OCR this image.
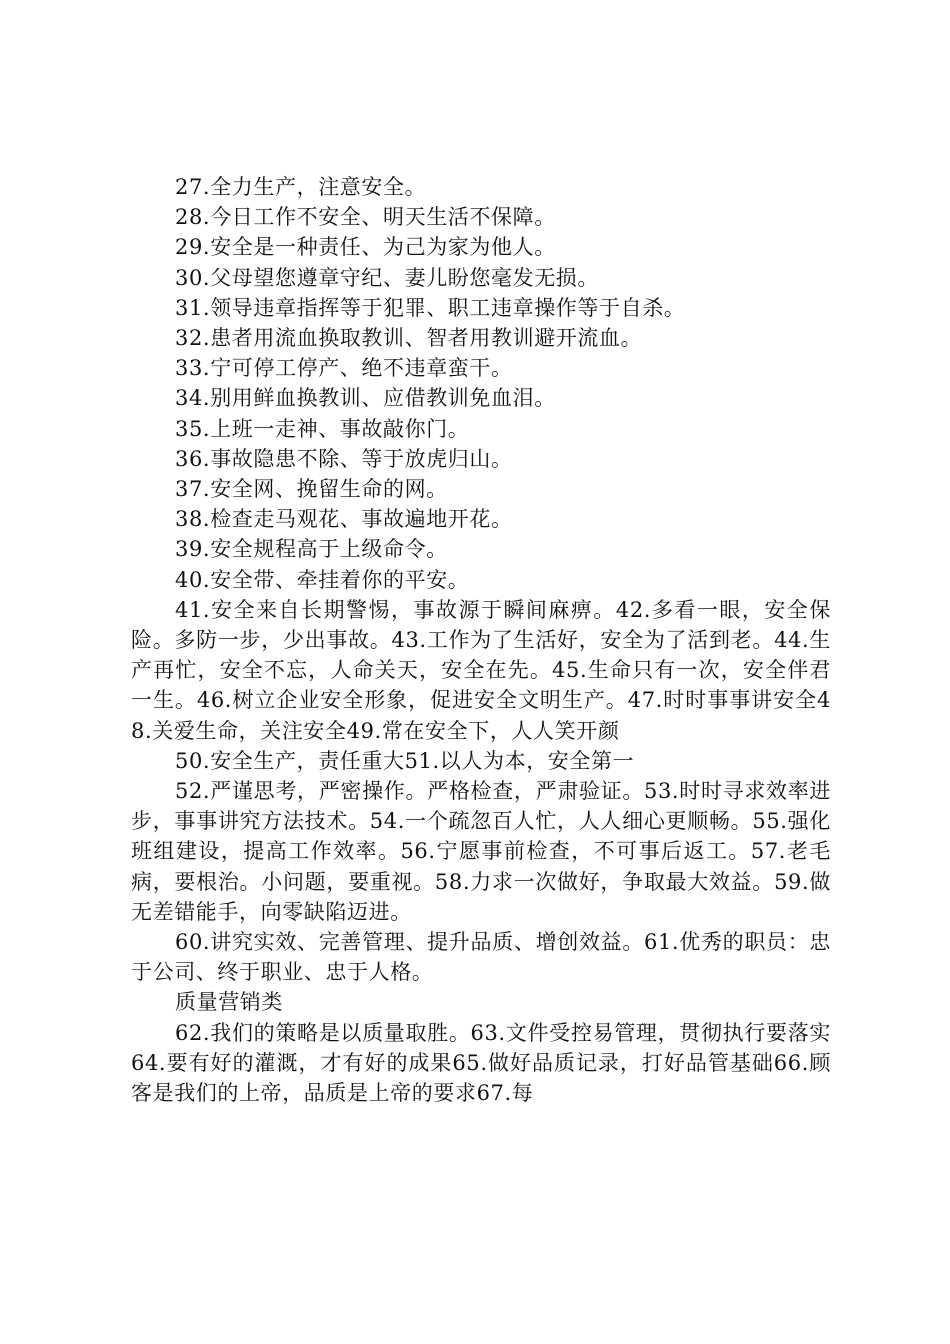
27.全力生产，注意安全。

28.今日工作不安全、明天生活不保障。

29.安全是一种责任、为己为家为他人。

30.父母望您遵章守纪、妻儿盼您毫发无损。

31.领导违章指挥等于犯罪、职工违章操作等于自杀。

32.患者用流血换取教训、智者用教训避开流血。

33.宁可停工停产、绝不违章蛮干。

34.别用鲜血换教训、应借教训免血泪。

35.上班一走神、事故敲你门。

36.事故隐患不除、等于放虎归山。

37.安全网、挽留生命的网。

38.检查走马观花、事故遍地开花。

39.安全规程高于上级命令。

40.安全带、牵挂着你的平安。

41.安全来自长期警惕，事故源于瞬间麻痹。42.多看一眼，安全保险。多防一步，少出事故。43.工作为了生活好，安全为了活到老。44.生产再忙，安全不忘，人命关天，安全在先。45.生命只有一次，安全伴君一生。46.树立企业安全形象，促进安全文明生产。47.时时事事讲安全48.关爱生命，关注安全49.常在安全下，人人笑开颜

50.安全生产，责任重大51.以人为本，安全第一

52.严谨思考，严密操作。严格检查，严肃验证。53.时时寻求效率进步，事事讲究方法技术。54.一个疏忽百人忙，人人细心更顺畅。55.强化班组建设，提高工作效率。56.宁愿事前检查，不可事后返工。57.老毛病，要根治。小问题，要重视。58.力求一次做好，争取最大效益。59.做无差错能手，向零缺陷迈进。

60.讲究实效、完善管理、提升品质、增创效益。61.优秀的职员：忠于公司、终于职业、忠于人格。

质量营销类

62.我们的策略是以质量取胜。63.文件受控易管理，贯彻执行要落实64.要有好的灌溉，才有好的成果65.做好品质记录，打好品管基础66.顾客是我们的上帝，品质是上帝的要求67.每
